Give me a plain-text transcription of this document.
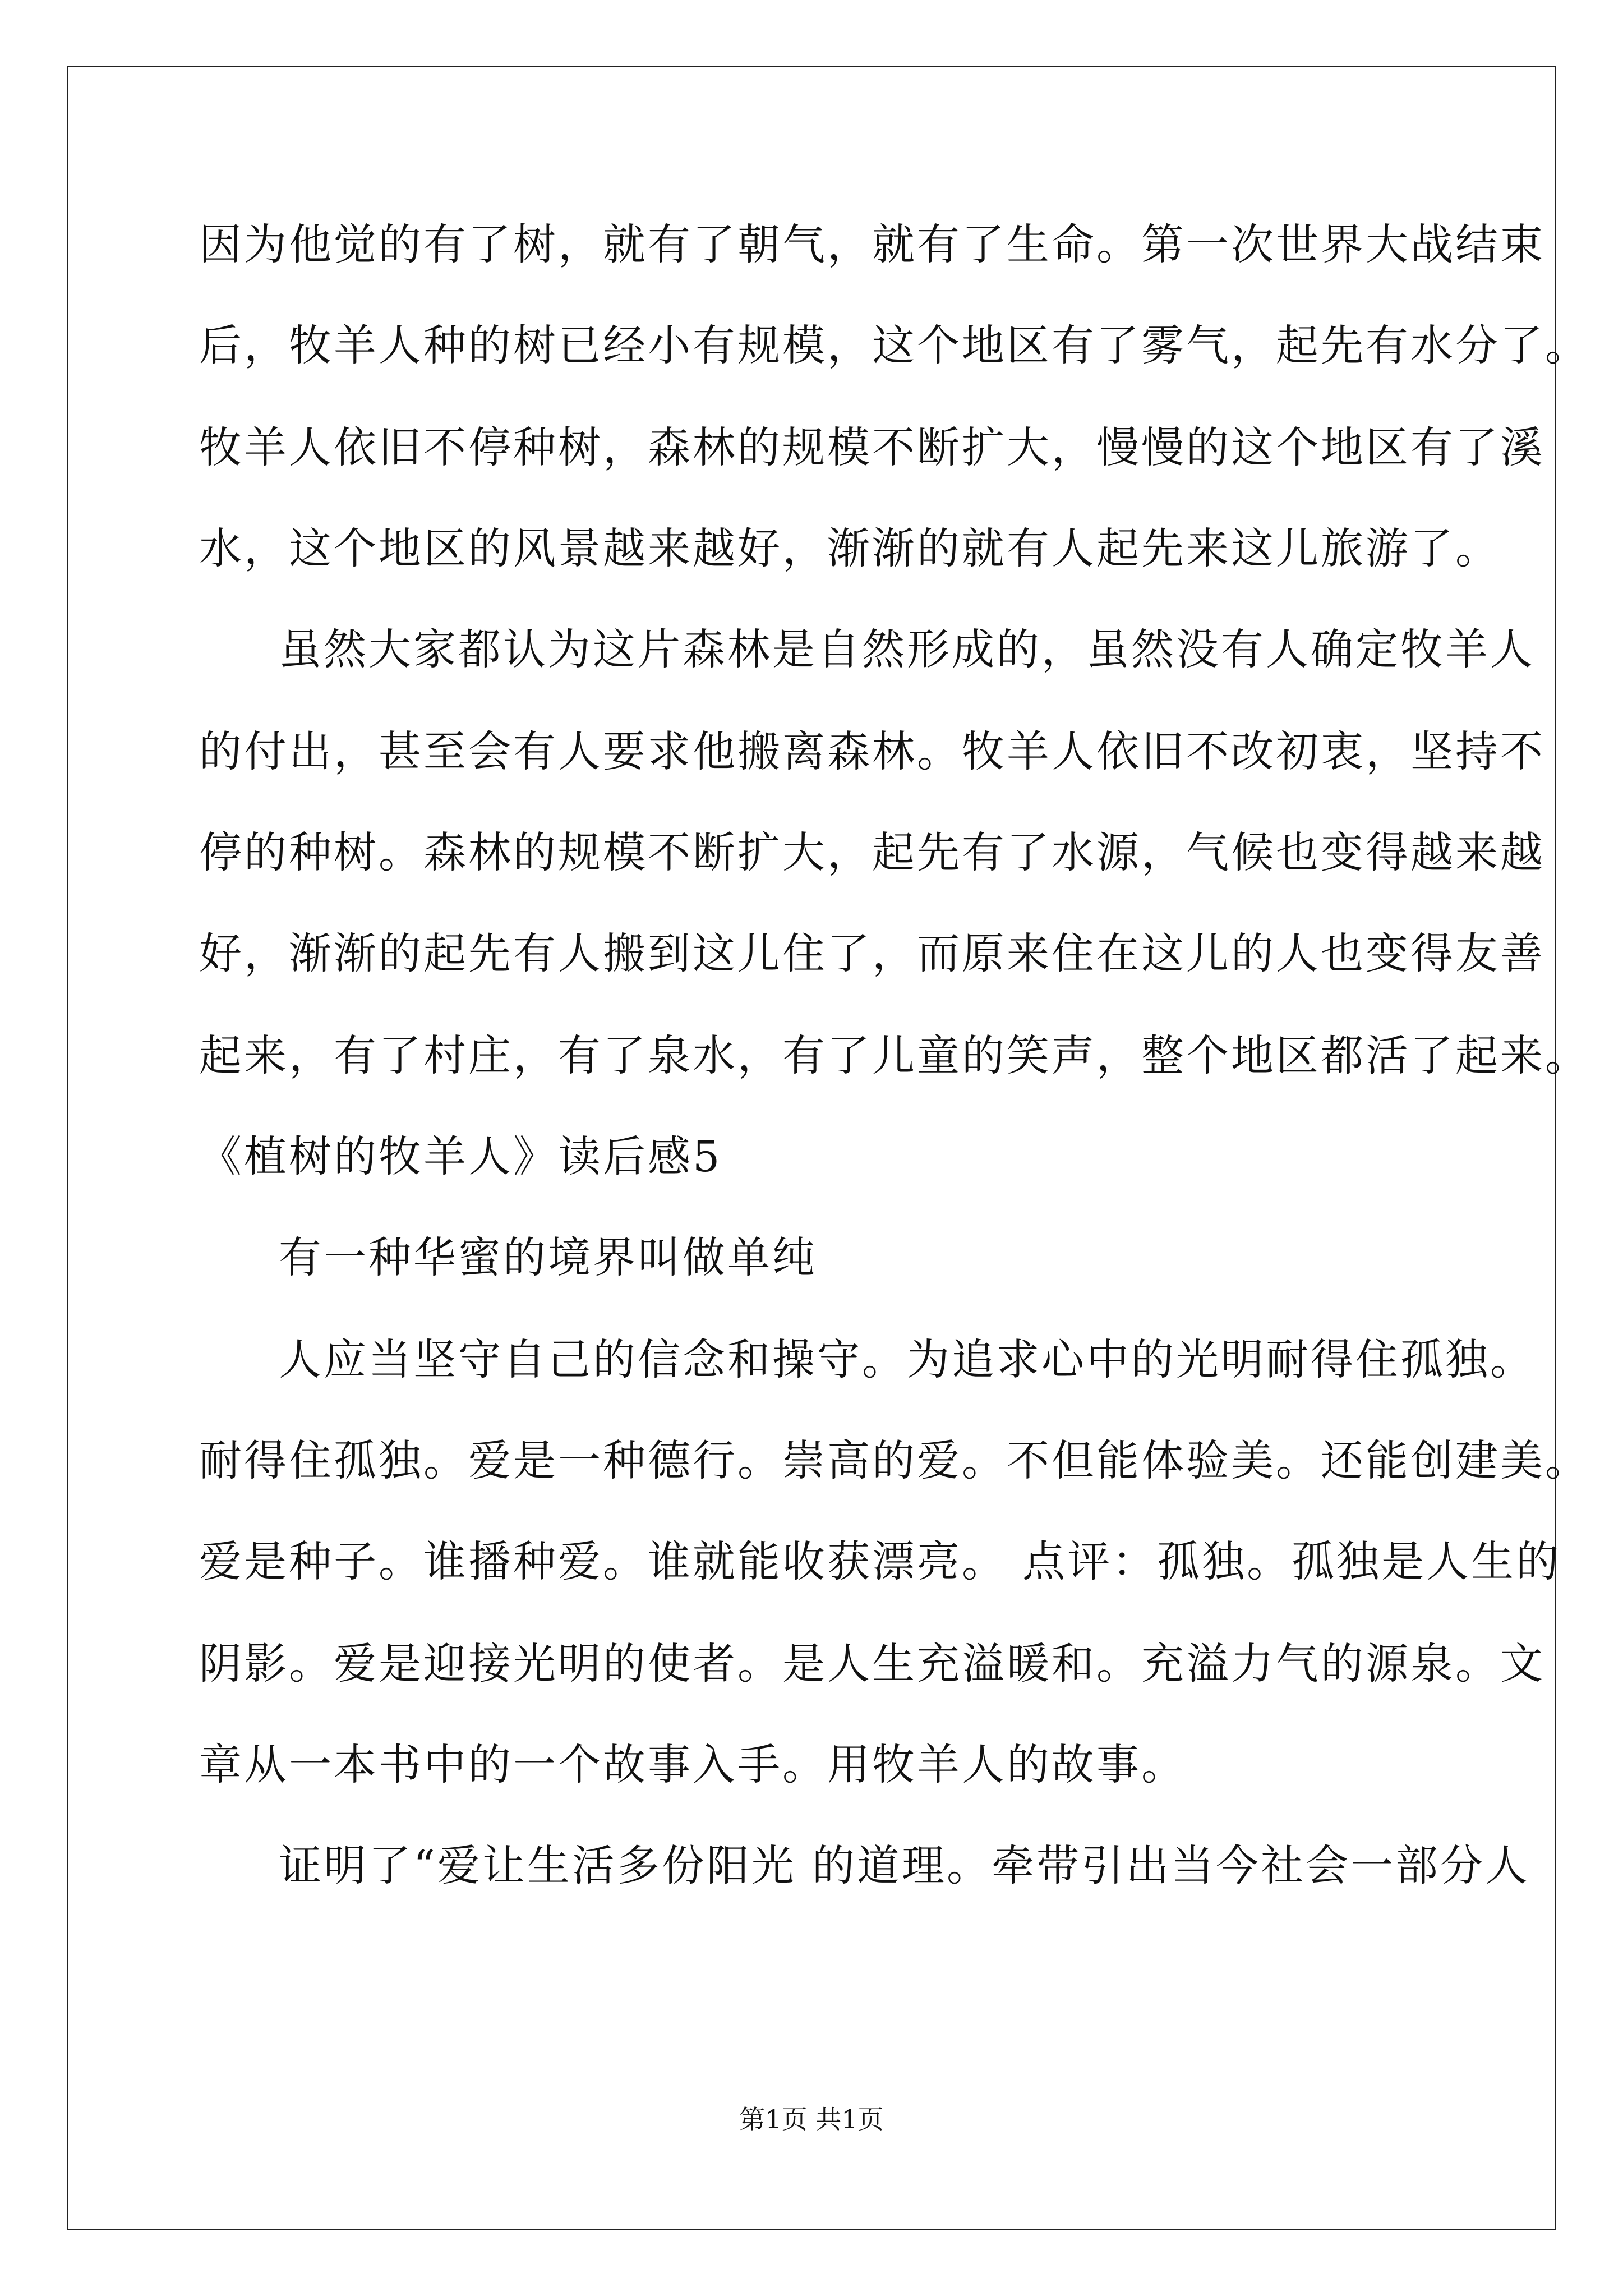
因为他觉的有了树，就有了朝气，就有了生命。第一次世界大战结束
后，牧羊人种的树已经小有规模，这个地区有了雾气，起先有水分了。
牧羊人依旧不停种树，森林的规模不断扩大，慢慢的这个地区有了溪
水，这个地区的风景越来越好，渐渐的就有人起先来这儿旅游了。
虽然大家都认为这片森林是自然形成的，虽然没有人确定牧羊人
的付出，甚至会有人要求他搬离森林。牧羊人依旧不改初衷，坚持不
停的种树。森林的规模不断扩大，起先有了水源，气候也变得越来越
好，渐渐的起先有人搬到这儿住了，而原来住在这儿的人也变得友善
起来，有了村庄，有了泉水，有了儿童的笑声，整个地区都活了起来。
《植树的牧羊人》读后感5
有一种华蜜的境界叫做单纯
人应当坚守自己的信念和操守。为追求心中的光明耐得住孤独。
耐得住孤独。爱是一种德行。崇高的爱。不但能体验美。还能创建美。
爱是种子。谁播种爱。谁就能收获漂亮。 点评：孤独。孤独是人生的
阴影。爱是迎接光明的使者。是人生充溢暖和。充溢力气的源泉。文
章从一本书中的一个故事入手。用牧羊人的故事。
证明了“爱让生活多份阳光 的道理。牵带引出当今社会一部分人
第1页 共1页
